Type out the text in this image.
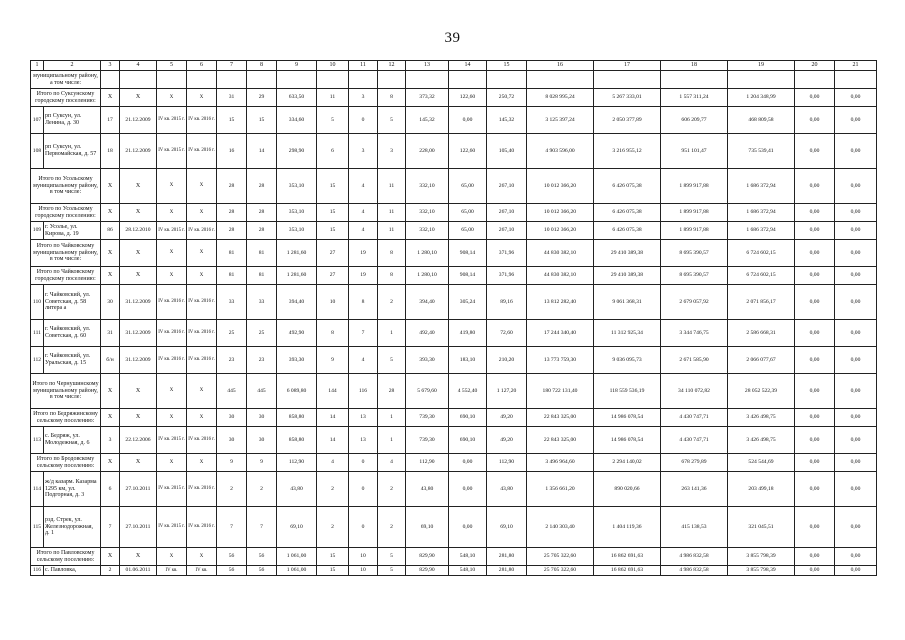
39
1	2	3	4	5	6	7	8	9	10	11	12	13	14	15	16	17	18	19	20	21
муниципальному району, а том числе:																				
Итого по Суксунскому городскому поселению:		X	X	X	X	31	29	633,50	11	3	8	373,32	122,60	250,72	8 028 995,24	5 267 333,01	1 557 311,24	1 204 348,99	0,00	0,00
107	рп Суксун, ул. Ленина, д. 30	17	21.12.2009	IV кв. 2015 г.	IV кв. 2016 г.	15	15	334,60	5	0	5	145,32	0,00	145,32	3 125 397,24	2 050 377,89	606 209,77	468 809,58	0,00	0,00
108	рп Суксун, ул. Первомайская, д. 57	18	21.12.2009	IV кв. 2015 г.	IV кв. 2016 г.	16	14	298,90	6	3	3	228,00	122,60	105,40	4 903 596,00	3 216 955,12	951 101,47	735 539,41	0,00	0,00
Итого по Усольскому муниципальному району, в том числе:		X	X	X	X	28	28	353,10	15	4	11	332,10	65,00	267,10	10 012 366,20	6 426 075,38	1 899 917,88	1 686 372,94	0,00	0,00
Итого по Усольскому городскому поселению:		X	X	X	X	28	28	353,10	15	4	11	332,10	65,00	267,10	10 012 366,20	6 426 075,38	1 899 917,88	1 686 372,94	0,00	0,00
109	г. Усолье, ул. Кирова, д. 19	86	28.12.2010	IV кв. 2015 г.	IV кв. 2016 г.	28	28	353,10	15	4	11	332,10	65,00	267,10	10 012 366,20	6 426 075,38	1 899 917,88	1 686 372,94	0,00	0,00
Итого по Чайковскому муниципальному району, в том числе:		X	X	X	X	81	81	1 281,60	27	19	8	1 280,10	908,14	371,96	44 830 382,10	29 410 389,38	8 695 390,57	6 724 602,15	0,00	0,00
Итого по Чайковскому городскому поселению:		X	X	X	X	81	81	1 281,60	27	19	8	1 280,10	908,14	371,96	44 830 382,10	29 410 389,38	8 695 390,57	6 724 602,15	0,00	0,00
110	г. Чайковский, ул. Советская, д. 58 литера а	30	31.12.2009	IV кв. 2016 г.	IV кв. 2016 г.	33	33	394,40	10	8	2	394,40	305,24	89,16	13 812 282,40	9 061 368,31	2 679 057,92	2 071 856,17	0,00	0,00
111	г. Чайковский, ул. Советская, д. 60	31	31.12.2009	IV кв. 2016 г.	IV кв. 2016 г.	25	25	492,90	8	7	1	492,40	419,80	72,60	17 244 340,40	11 312 925,34	3 344 746,75	2 586 668,31	0,00	0,00
112	г. Чайковский, ул. Уральская, д. 15	б/н	31.12.2009	IV кв. 2016 г.	IV кв. 2016 г.	23	23	393,30	9	4	5	393,30	183,10	210,20	13 773 759,30	9 036 095,73	2 671 585,90	2 066 077,67	0,00	0,00
Итого по Чернушинскому муниципальному району, в том числе:		X	X	X	X	445	445	6 089,80	144	116	28	5 679,60	4 552,40	1 127,20	180 722 131,40	118 559 536,19	34 110 072,82	28 052 522,39	0,00	0,00
Итого по Бедряжинскому сельскому поселению:		X	X	X	X	30	30	858,80	14	13	1	739,30	690,10	49,20	22 843 325,00	14 986 078,54	4 430 747,71	3 426 498,75	0,00	0,00
113	с. Бедряж, ул. Молодежная, д. 6	3	22.12.2006	IV кв. 2015 г.	IV кв. 2016 г.	30	30	858,80	14	13	1	739,30	690,10	49,20	22 843 325,00	14 986 078,54	4 430 747,71	3 426 498,75	0,00	0,00
Итого по Бродовскому сельскому поселению:		X	X	X	X	9	9	112,90	4	0	4	112,90	0,00	112,90	3 496 964,60	2 294 140,02	678 279,89	524 544,69	0,00	0,00
114	ж/д казарм. Казарма 1295 км, ул. Подгорная, д. 3	6	27.10.2011	IV кв. 2015 г.	IV кв. 2016 г.	2	2	43,80	2	0	2	43,80	0,00	43,80	1 356 661,20	890 020,66	263 141,36	203 499,18	0,00	0,00
115	рзд. Стрек, ул. Железнодорожная, д. 1	7	27.10.2011	IV кв. 2015 г.	IV кв. 2016 г.	7	7	69,10	2	0	2	69,10	0,00	69,10	2 140 303,40	1 404 119,36	415 138,53	321 045,51	0,00	0,00
Итого по Павловскому сельскому поселению:		X	X	X	X	56	56	1 061,00	15	10	5	829,90	548,10	281,80	25 705 322,60	16 862 691,63	4 986 832,58	3 855 798,39	0,00	0,00
116	с. Павловка,	2	01.06.2011	IV кв.	IV кв.	56	56	1 061,00	15	10	5	829,90	548,10	281,80	25 705 322,60	16 862 691,63	4 986 832,58	3 855 798,39	0,00	0,00
